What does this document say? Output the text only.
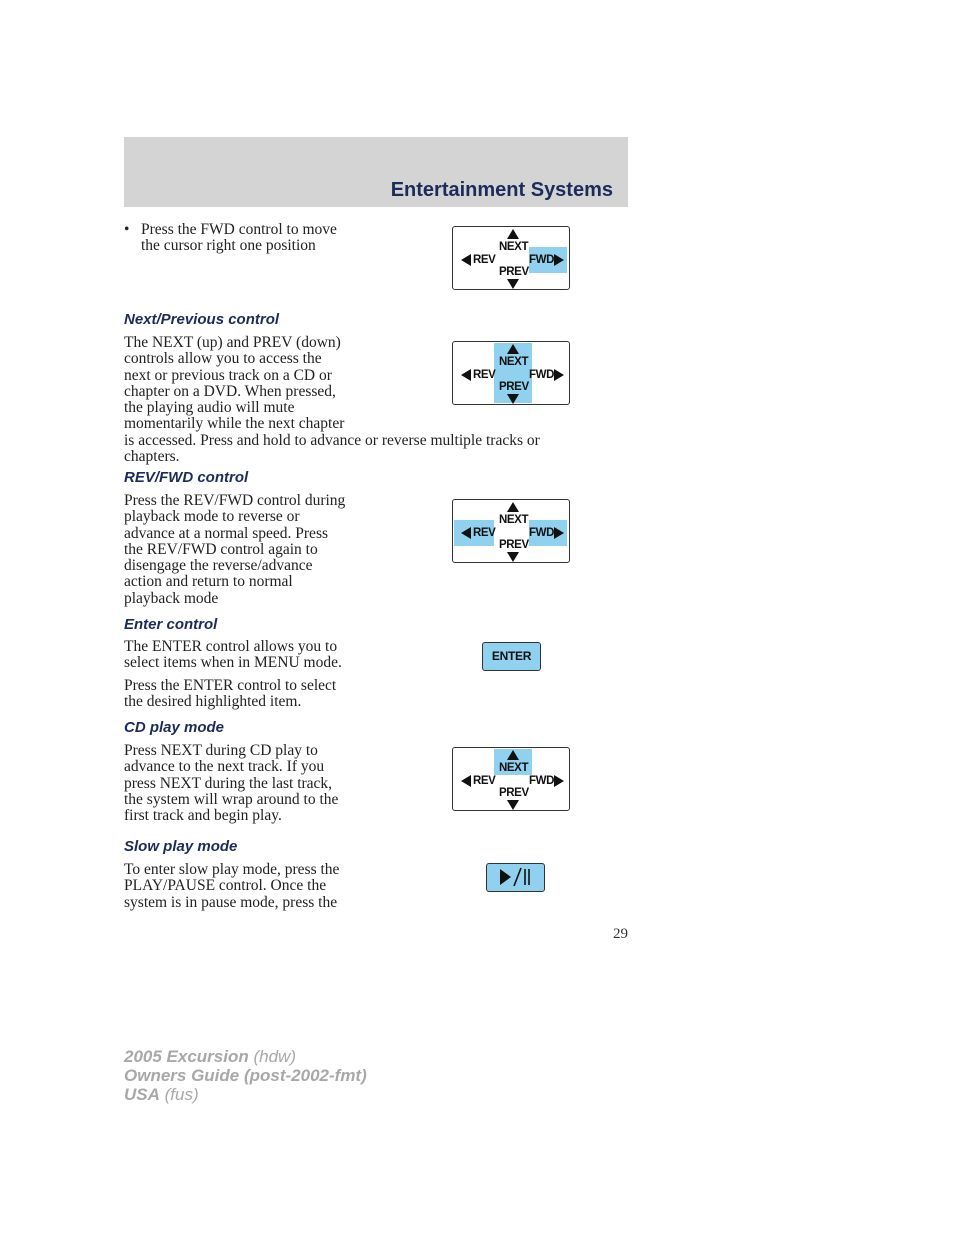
Entertainment Systems
• Press the FWD control to move
the cursor right one position	NEXT
REV	FWD
PREV
Next/Previous control
The NEXT (up) and PREV (down)
controls allow you to access the
next or previous track on a CD or
chapter on a DVD. When pressed,
the playing audio will mute
momentarily while the next chapter
is accessed. Press and hold to advance or reverse multiple tracks or
chapters.
NEXT
REV	FWD
PREV
REV/FWD control
Press the REV/FWD control during
playback mode to reverse or
advance at a normal speed. Press
the REV/FWD control again to
disengage the reverse/advance
action and return to normal
playback mode
NEXT
REV	FWD
PREV
Enter control
The ENTER control allows you to
select items when in MENU mode.
Press the ENTER control to select
the desired highlighted item.
ENTER
CD play mode
Press NEXT during CD play to
advance to the next track. If you
press NEXT during the last track,
the system will wrap around to the
first track and begin play.
NEXT
REV	FWD
PREV
Slow play mode
To enter slow play mode, press the
PLAY/PAUSE control. Once the
system is in pause mode, press the
29
2005 Excursion (hdw)
Owners Guide (post-2002-fmt)
USA (fus)
